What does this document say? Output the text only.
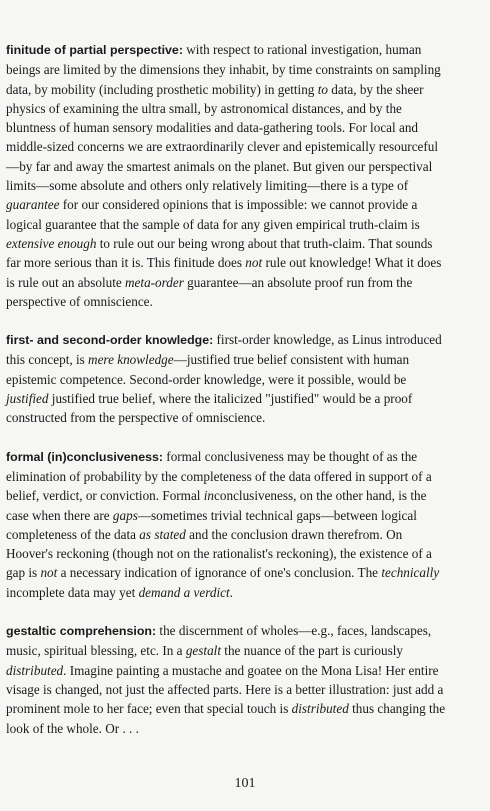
finitude of partial perspective: with respect to rational investigation, human beings are limited by the dimensions they inhabit, by time constraints on sampling data, by mobility (including prosthetic mobility) in getting to data, by the sheer physics of examining the ultra small, by astronomical distances, and by the bluntness of human sensory modalities and data-gathering tools. For local and middle-sized concerns we are extraordinarily clever and epistemically resourceful—by far and away the smartest animals on the planet. But given our perspectival limits—some absolute and others only relatively limiting—there is a type of guarantee for our considered opinions that is impossible: we cannot provide a logical guarantee that the sample of data for any given empirical truth-claim is extensive enough to rule out our being wrong about that truth-claim. That sounds far more serious than it is. This finitude does not rule out knowledge! What it does is rule out an absolute meta-order guarantee—an absolute proof run from the perspective of omniscience.

first- and second-order knowledge: first-order knowledge, as Linus introduced this concept, is mere knowledge—justified true belief consistent with human epistemic competence. Second-order knowledge, were it possible, would be justified justified true belief, where the italicized "justified" would be a proof constructed from the perspective of omniscience.

formal (in)conclusiveness: formal conclusiveness may be thought of as the elimination of probability by the completeness of the data offered in support of a belief, verdict, or conviction. Formal inconclusiveness, on the other hand, is the case when there are gaps—sometimes trivial technical gaps—between logical completeness of the data as stated and the conclusion drawn therefrom. On Hoover's reckoning (though not on the rationalist's reckoning), the existence of a gap is not a necessary indication of ignorance of one's conclusion. The technically incomplete data may yet demand a verdict.

gestaltic comprehension: the discernment of wholes—e.g., faces, landscapes, music, spiritual blessing, etc. In a gestalt the nuance of the part is curiously distributed. Imagine painting a mustache and goatee on the Mona Lisa! Her entire visage is changed, not just the affected parts. Here is a better illustration: just add a prominent mole to her face; even that special touch is distributed thus changing the look of the whole. Or . . .

101
